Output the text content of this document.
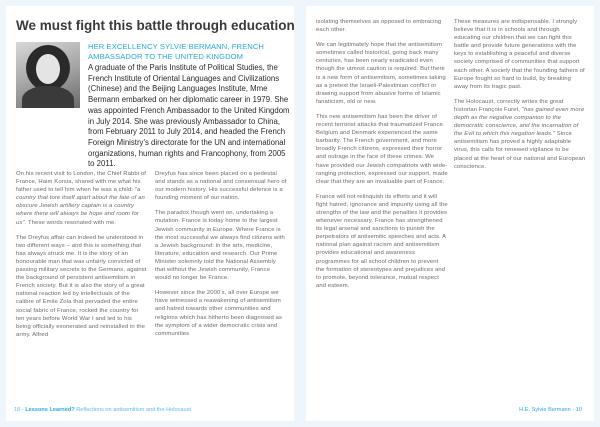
We must fight this battle through education
HER EXCELLENCY SYLVIE BERMANN, FRENCH
AMBASSADOR TO THE UNITED KINGDOM
A graduate of the Paris Institute of Political Studies, the French Institute of Oriental Languages and Civilizations (Chinese) and the Beijing Languages Institute, Mme Bermann embarked on her diplomatic career in 1979. She was appointed French Ambassador to the United Kingdom in July 2014. She was previously Ambassador to China, from February 2011 to July 2014, and headed the French Foreign Ministry's directorate for the UN and international organizations, human rights and Francophony, from 2005 to 2011.

On his recent visit to London, the Chief Rabbi of France, Haim Korsia, shared with me what his father used to tell him when he was a child: "a country that tore itself apart about the fate of an obscure Jewish artillery captain is a country where there will always be hope and room for us". These words resonated with me.

The Dreyfus affair can indeed be understood in two different ways – and this is something that has always struck me. It is the story of an honourable man that was unfairly convicted of passing military secrets to the Germans, against the background of persistent antisemitism in French society. But it is also the story of a great national reaction led by intellectuals of the calibre of Emile Zola that pervaded the entire social fabric of France, rocked the country for ten years before World War I and led to his being officially exonerated and reinstalled in the army. Alfred

Dreyfus has since been placed on a pedestal and stands as a national and consensual hero of our modern history. His successful defence is a founding moment of our nation.

The paradox though went on, undertaking a mutation. France is today home to the largest Jewish community in Europe. Where France is the most successful we always find citizens with a Jewish background: in the arts, medicine, literature, education and research. Our Prime Minister solemnly told the National Assembly that without the Jewish community, France would no longer be France.

However since the 2000's, all over Europe we have witnessed a reawakening of antisemitism and hatred towards other communities and religions which has hitherto been diagnosed as the symptom of a wider democratic crisis and communities

18 - Lessons Learned? Reflections on antisemitism and the Holocaust

isolating themselves as opposed to embracing each other.

We can legitimately hope that the antisemitism sometimes called historical, going back many centuries, has been nearly eradicated even though the utmost caution is required. But there is a new form of antisemitism, sometimes taking as a pretext the Israeli-Palestinian conflict or drawing support from abusive forms of Islamic fanaticism, old or new.

This new antisemitism has been the driver of recent terrorist attacks that traumatized France. Belgium and Denmark experienced the same barbarity. The French government, and more broadly French citizens, expressed their horror and outrage in the face of these crimes. We have provided our Jewish compatriots with wide-ranging protection, expressed our support, made clear that they are an invaluable part of France.

France will not relinquish its efforts and it will fight hatred, ignorance and impunity using all the strengths of the law and the penalties it provides whenever necessary. France has strengthened its legal arsenal and sanctions to punish the perpetrators of antisemitic speeches and acts. A national plan against racism and antisemitism provides educational and awareness programmes for all school children to prevent the formation of stereotypes and prejudices and to promote, beyond tolerance, mutual respect and esteem.

These measures are indispensable. I strongly believe that it is in schools and through educating our children that we can fight this battle and provide future generations with the keys to establishing a peaceful and diverse society comprised of communities that support each other. A society that the founding fathers of Europe fought so hard to build, by breaking away from its tragic past.

The Holocaust, correctly writes the great historian François Furet, "has gained even more depth as the negative companion to the democratic conscience, and the incarnation of the Evil to which this negation leads." Since antisemitism has proved a highly adaptable virus, this calls for renewed vigilance to be placed at the heart of our national and European conscience.

H.E. Sylvie Bermann - 10
